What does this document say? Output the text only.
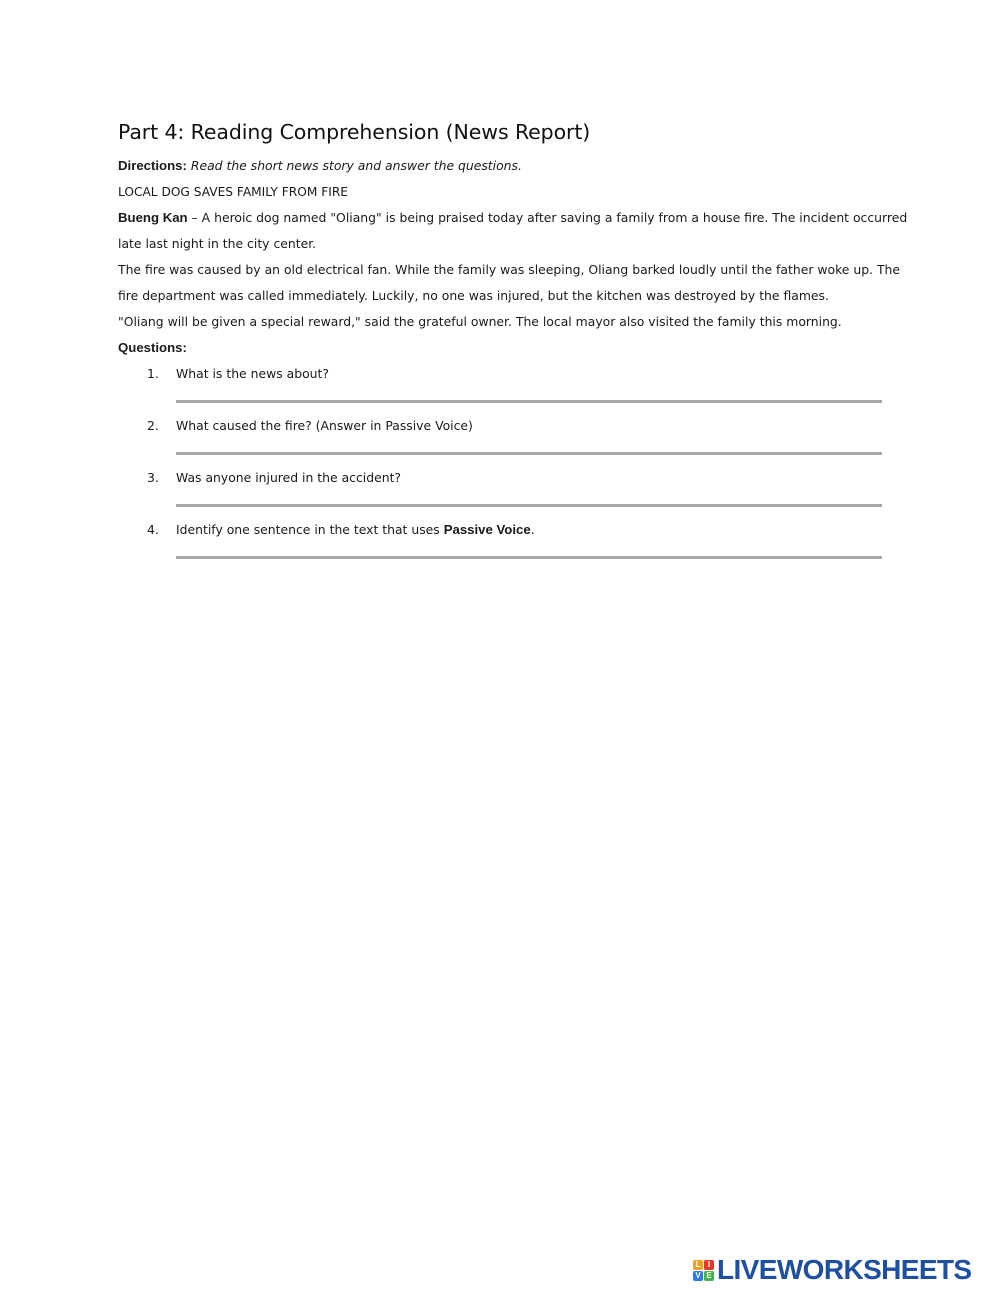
Part 4: Reading Comprehension (News Report)
Directions: Read the short news story and answer the questions.
LOCAL DOG SAVES FAMILY FROM FIRE
Bueng Kan – A heroic dog named "Oliang" is being praised today after saving a family from a house fire. The incident occurred
late last night in the city center.
The fire was caused by an old electrical fan. While the family was sleeping, Oliang barked loudly until the father woke up. The
fire department was called immediately. Luckily, no one was injured, but the kitchen was destroyed by the flames.
"Oliang will be given a special reward," said the grateful owner. The local mayor also visited the family this morning.
Questions:
1. What is the news about?
2. What caused the fire? (Answer in Passive Voice)
3. Was anyone injured in the accident?
4. Identify one sentence in the text that uses Passive Voice.
L I
V E LIVEWORKSHEETS
